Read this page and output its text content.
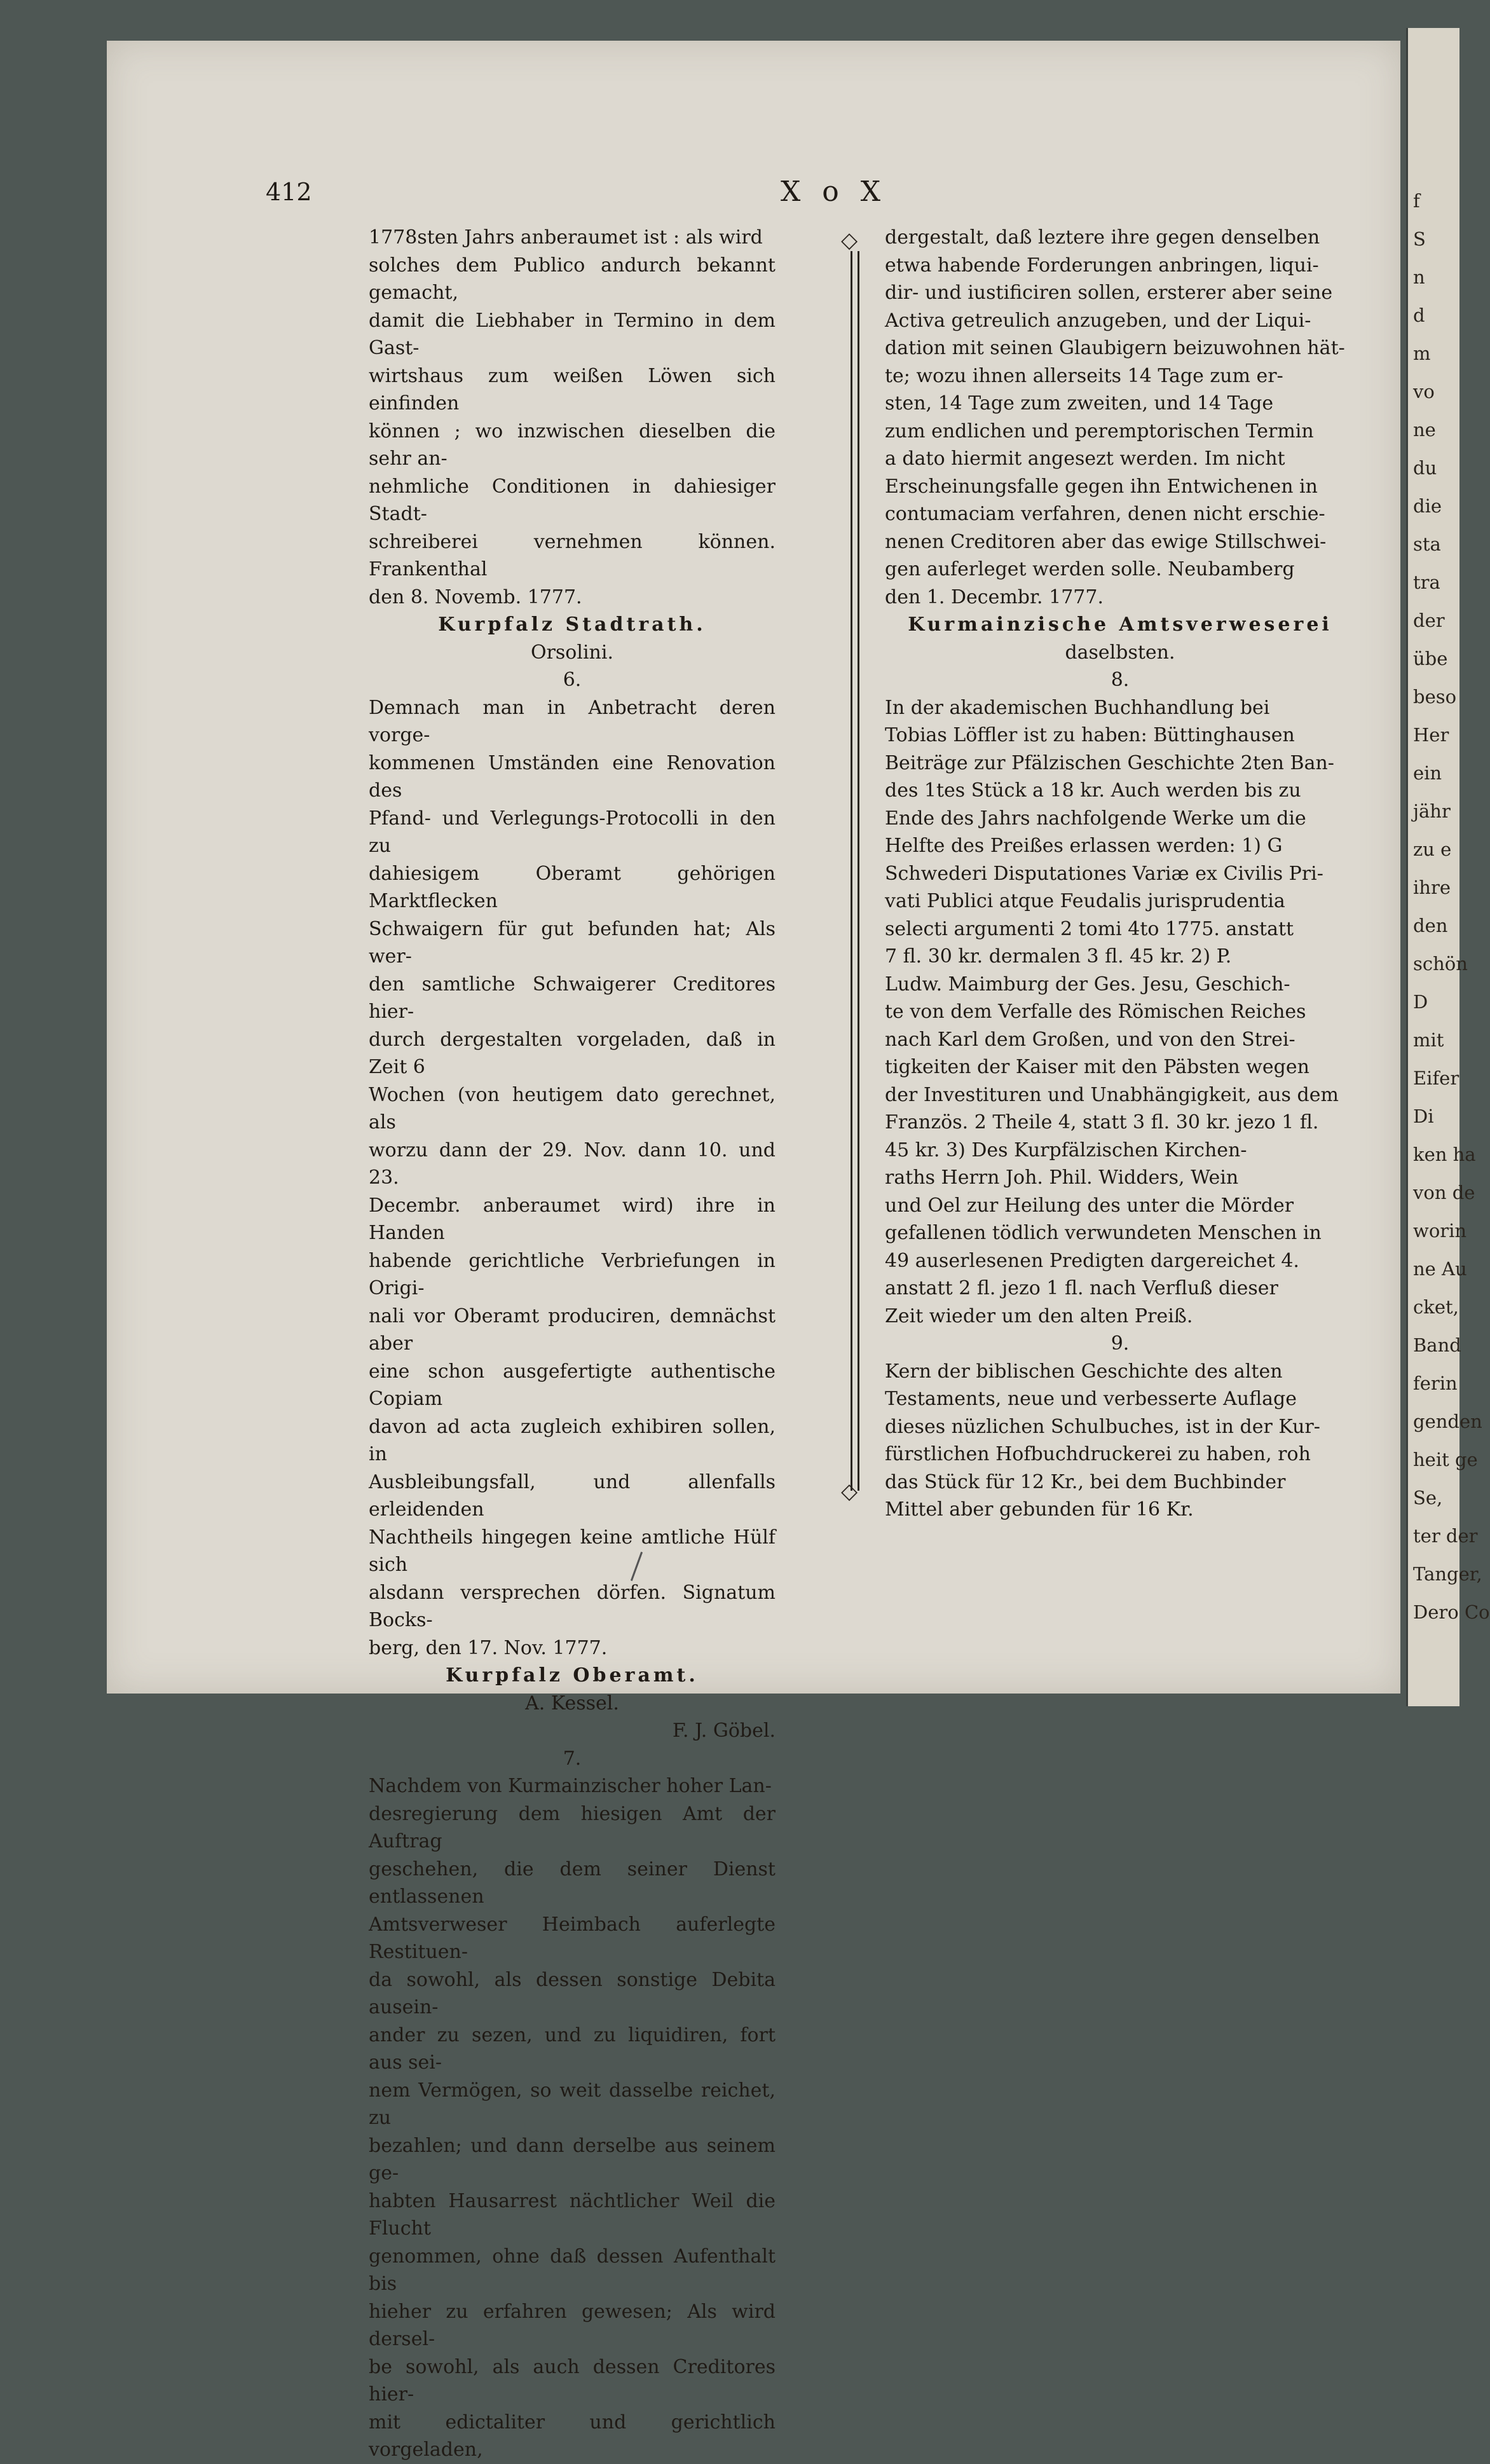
f
S
n
d
m
vo
ne
du
die
sta
tra
der
übe
beso
Her
ein
jähr
zu e
ihre
den
schön
D
mit
Eifer
Di
ken ha
von de
worin
ne Au
cket,
Band
ferin
genden
heit ge
Se,
ter der
Tanger,
Dero Co
412	X o X

1778sten Jahrs anberaumet ist : als wird

solches dem Publico andurch bekannt gemacht,

damit die Liebhaber in Termino in dem Gast-

wirtshaus zum weißen Löwen sich einfinden

können ; wo inzwischen dieselben die sehr an-

nehmliche Conditionen in dahiesiger Stadt-

schreiberei vernehmen können. Frankenthal

den 8. Novemb. 1777.

Kurpfalz Stadtrath.

Orsolini.

6.

Demnach man in Anbetracht deren vorge-

kommenen Umständen eine Renovation des

Pfand- und Verlegungs-Protocolli in den zu

dahiesigem Oberamt gehörigen Marktflecken

Schwaigern für gut befunden hat; Als wer-

den samtliche Schwaigerer Creditores hier-

durch dergestalten vorgeladen, daß in Zeit 6

Wochen (von heutigem dato gerechnet, als

worzu dann der 29. Nov. dann 10. und 23.

Decembr. anberaumet wird) ihre in Handen

habende gerichtliche Verbriefungen in Origi-

nali vor Oberamt produciren, demnächst aber

eine schon ausgefertigte authentische Copiam

davon ad acta zugleich exhibiren sollen, in

Ausbleibungsfall, und allenfalls erleidenden

Nachtheils hingegen keine amtliche Hülf sich

alsdann versprechen dörfen. Signatum Bocks-

berg, den 17. Nov. 1777.

Kurpfalz Oberamt.

A. Kessel.

F. J. Göbel.

7.

Nachdem von Kurmainzischer hoher Lan-

desregierung dem hiesigen Amt der Auftrag

geschehen, die dem seiner Dienst entlassenen

Amtsverweser Heimbach auferlegte Restituen-

da sowohl, als dessen sonstige Debita ausein-

ander zu sezen, und zu liquidiren, fort aus sei-

nem Vermögen, so weit dasselbe reichet, zu

bezahlen; und dann derselbe aus seinem ge-

habten Hausarrest nächtlicher Weil die Flucht

genommen, ohne daß dessen Aufenthalt bis

hieher zu erfahren gewesen; Als wird dersel-

be sowohl, als auch dessen Creditores hier-

mit edictaliter und gerichtlich vorgeladen,

◇
◇

dergestalt, daß leztere ihre gegen denselben

etwa habende Forderungen anbringen, liqui-

dir- und iustificiren sollen, ersterer aber seine

Activa getreulich anzugeben, und der Liqui-

dation mit seinen Glaubigern beizuwohnen hät-

te; wozu ihnen allerseits 14 Tage zum er-

sten, 14 Tage zum zweiten, und 14 Tage

zum endlichen und peremptorischen Termin

a dato hiermit angesezt werden. Im nicht

Erscheinungsfalle gegen ihn Entwichenen in

contumaciam verfahren, denen nicht erschie-

nenen Creditoren aber das ewige Stillschwei-

gen auferleget werden solle. Neubamberg

den 1. Decembr. 1777.

Kurmainzische Amtsverweserei

daselbsten.

8.

In der akademischen Buchhandlung bei

Tobias Löffler ist zu haben: Büttinghausen

Beiträge zur Pfälzischen Geschichte 2ten Ban-

des 1tes Stück a 18 kr. Auch werden bis zu

Ende des Jahrs nachfolgende Werke um die

Helfte des Preißes erlassen werden: 1) G

Schwederi Disputationes Variæ ex Civilis Pri-

vati Publici atque Feudalis jurisprudentia

selecti argumenti 2 tomi 4to 1775. anstatt

7 fl. 30 kr. dermalen 3 fl. 45 kr. 2) P.

Ludw. Maimburg der Ges. Jesu, Geschich-

te von dem Verfalle des Römischen Reiches

nach Karl dem Großen, und von den Strei-

tigkeiten der Kaiser mit den Päbsten wegen

der Investituren und Unabhängigkeit, aus dem

Französ. 2 Theile 4, statt 3 fl. 30 kr. jezo 1 fl.

45 kr. 3) Des Kurpfälzischen Kirchen-

raths Herrn Joh. Phil. Widders, Wein

und Oel zur Heilung des unter die Mörder

gefallenen tödlich verwundeten Menschen in

49 auserlesenen Predigten dargereichet 4.

anstatt 2 fl. jezo 1 fl. nach Verfluß dieser

Zeit wieder um den alten Preiß.

9.

Kern der biblischen Geschichte des alten

Testaments, neue und verbesserte Auflage

dieses nüzlichen Schulbuches, ist in der Kur-

fürstlichen Hofbuchdruckerei zu haben, roh

das Stück für 12 Kr., bei dem Buchbinder

Mittel aber gebunden für 16 Kr.
